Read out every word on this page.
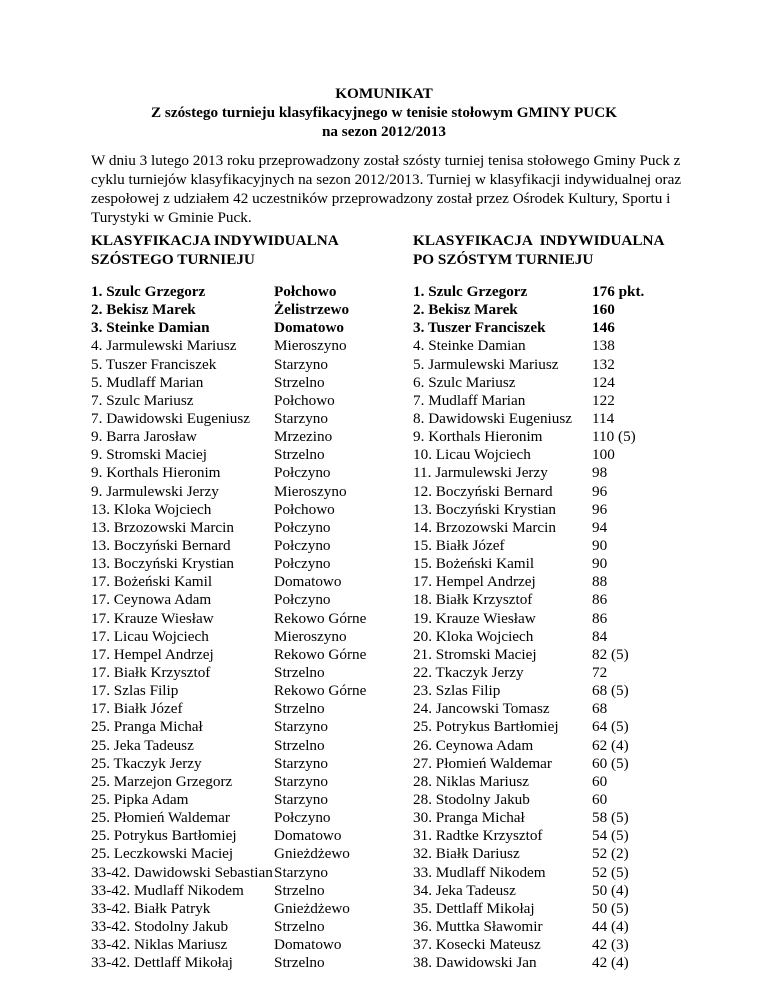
KOMUNIKAT
Z szóstego turnieju klasyfikacyjnego w tenisie stołowym GMINY PUCK
na sezon 2012/2013
W dniu 3 lutego 2013 roku przeprowadzony został szósty turniej tenisa stołowego Gminy Puck z cyklu turniejów klasyfikacyjnych na sezon 2012/2013. Turniej w klasyfikacji indywidualnej oraz zespołowej z udziałem 42 uczestników przeprowadzony został przez Ośrodek Kultury, Sportu i Turystyki w Gminie Puck.
KLASYFIKACJA INDYWIDUALNA
SZÓSTEGO TURNIEJU
KLASYFIKACJA  INDYWIDUALNA
PO SZÓSTYM TURNIEJU
1. Szulc Grzegorz	Połchowo
2. Bekisz Marek	Żelistrzewo
3. Steinke Damian	Domatowo
4. Jarmulewski Mariusz Mieroszyno
5. Tuszer Franciszek	Starzyno
5. Mudlaff Marian	Strzelno
7. Szulc Mariusz	Połchowo
7. Dawidowski Eugeniusz Starzyno
9. Barra Jarosław	Mrzezino
9. Stromski Maciej	Strzelno
9. Korthals Hieronim	Połczyno
9. Jarmulewski Jerzy	Mieroszyno
13. Kloka Wojciech	Połchowo
13. Brzozowski Marcin	Połczyno
13. Boczyński Bernard	Połczyno
13. Boczyński Krystian	Połczyno
17. Bożeński Kamil	Domatowo
17. Ceynowa Adam	Połczyno
17. Krauze Wiesław	Rekowo Górne
17. Licau Wojciech	Mieroszyno
17. Hempel Andrzej	Rekowo Górne
17. Białk Krzysztof	Strzelno
17. Szlas Filip	Rekowo Górne
17. Białk Józef	Strzelno
25. Pranga Michał	Starzyno
25. Jeka Tadeusz	Strzelno
25. Tkaczyk Jerzy	Starzyno
25. Marzejon Grzegorz	Starzyno
25. Pipka Adam	Starzyno
25. Płomień Waldemar	Połczyno
25. Potrykus Bartłomiej Domatowo
25. Leczkowski Maciej	Gnieżdżewo
33-42. Dawidowski Sebastian Starzyno
33-42. Mudlaff Nikodem Strzelno
33-42. Białk Patryk	Gnieżdżewo
33-42. Stodolny Jakub	Strzelno
33-42. Niklas Mariusz	Domatowo
33-42. Dettlaff Mikołaj	Strzelno
1. Szulc Grzegorz	176 pkt.
2. Bekisz Marek	160
3. Tuszer Franciszek	146
4. Steinke Damian	138
5. Jarmulewski Mariusz 132
6. Szulc Mariusz	124
7. Mudlaff Marian	122
8. Dawidowski Eugeniusz 114
9. Korthals Hieronim	110 (5)
10. Licau Wojciech	100
11. Jarmulewski Jerzy	98
12. Boczyński Bernard	96
13. Boczyński Krystian 96
14. Brzozowski Marcin 94
15. Białk Józef	90
15. Bożeński Kamil	90
17. Hempel Andrzej	88
18. Białk Krzysztof	86
19. Krauze Wiesław	86
20. Kloka Wojciech	84
21. Stromski Maciej	82 (5)
22. Tkaczyk Jerzy	72
23. Szlas Filip	68 (5)
24. Jancowski Tomasz	68
25. Potrykus Bartłomiej 64 (5)
26. Ceynowa Adam	62 (4)
27. Płomień Waldemar	60 (5)
28. Niklas Mariusz	60
28. Stodolny Jakub	60
30. Pranga Michał	58 (5)
31. Radtke Krzysztof	54 (5)
32. Białk Dariusz	52 (2)
33. Mudlaff Nikodem	52 (5)
34. Jeka Tadeusz	50 (4)
35. Dettlaff Mikołaj	50 (5)
36. Muttka Sławomir	44 (4)
37. Kosecki Mateusz	42 (3)
38. Dawidowski Jan	42 (4)
